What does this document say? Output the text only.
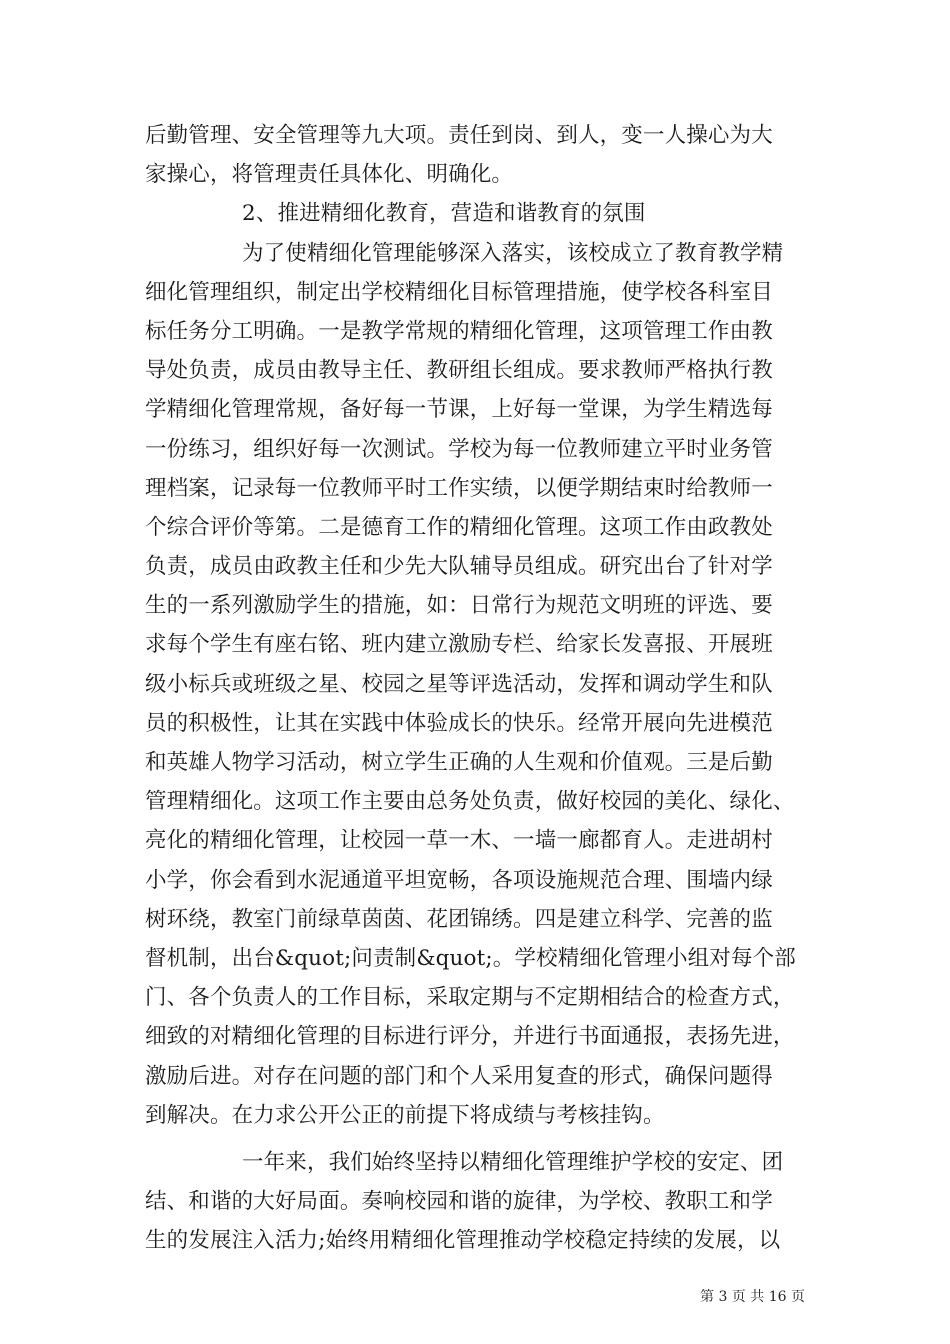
后勤管理、安全管理等九大项。责任到岗、到人，变一人操心为大
家操心，将管理责任具体化、明确化。
2、推进精细化教育，营造和谐教育的氛围
为了使精细化管理能够深入落实，该校成立了教育教学精
细化管理组织，制定出学校精细化目标管理措施，使学校各科室目
标任务分工明确。一是教学常规的精细化管理，这项管理工作由教
导处负责，成员由教导主任、教研组长组成。要求教师严格执行教
学精细化管理常规，备好每一节课，上好每一堂课，为学生精选每
一份练习，组织好每一次测试。学校为每一位教师建立平时业务管
理档案，记录每一位教师平时工作实绩，以便学期结束时给教师一
个综合评价等第。二是德育工作的精细化管理。这项工作由政教处
负责，成员由政教主任和少先大队辅导员组成。研究出台了针对学
生的一系列激励学生的措施，如：日常行为规范文明班的评选、要
求每个学生有座右铭、班内建立激励专栏、给家长发喜报、开展班
级小标兵或班级之星、校园之星等评选活动，发挥和调动学生和队
员的积极性，让其在实践中体验成长的快乐。经常开展向先进模范
和英雄人物学习活动，树立学生正确的人生观和价值观。三是后勤
管理精细化。这项工作主要由总务处负责，做好校园的美化、绿化、
亮化的精细化管理，让校园一草一木、一墙一廊都育人。走进胡村
小学，你会看到水泥通道平坦宽畅，各项设施规范合理、围墙内绿
树环绕，教室门前绿草茵茵、花团锦绣。四是建立科学、完善的监
督机制，出台&quot;问责制&quot;。学校精细化管理小组对每个部
门、各个负责人的工作目标，采取定期与不定期相结合的检查方式，
细致的对精细化管理的目标进行评分，并进行书面通报，表扬先进，
激励后进。对存在问题的部门和个人采用复查的形式，确保问题得
到解决。在力求公开公正的前提下将成绩与考核挂钩。
一年来，我们始终坚持以精细化管理维护学校的安定、团
结、和谐的大好局面。奏响校园和谐的旋律，为学校、教职工和学
生的发展注入活力;始终用精细化管理推动学校稳定持续的发展，以
第 3 页 共 16 页
